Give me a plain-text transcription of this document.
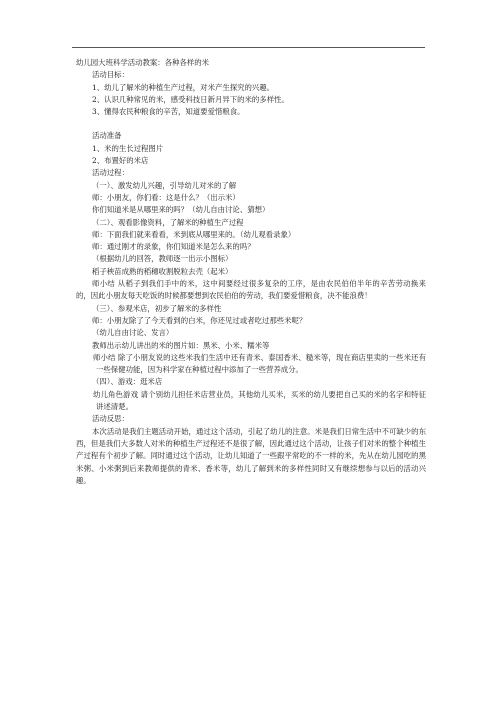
幼儿园大班科学活动教案：各种各样的米

活动目标：

1、幼儿了解米的种植生产过程，对米产生探究的兴趣。

2、认识几种常见的米，感受科技日新月异下的米的多样性。

3、懂得农民种粮食的辛苦，知道要爱惜粮食。

活动准备

1、米的生长过程图片

2、布置好的米店

活动过程：

（一）、激发幼儿兴趣，引导幼儿对米的了解

师：小朋友，你们看：这是什么？（出示米）

你们知道米是从哪里来的吗？（幼儿自由讨论、猜想）

（二）、观看影像资料，了解米的种植生产过程

师：下面我们就来看看，米到底从哪里来的。（幼儿观看录象）

师：通过刚才的录象，你们知道米是怎么来的吗？

（根据幼儿的回答，教师逐一出示小图标）

稻子秧苗成熟的稻穗收割脱粒去壳（起米）

师小结 从稻子到我们手中的米，这中间要经过很多复杂的工序，是由农民伯伯半年的辛苦劳动换来的，因此小朋友每天吃饭的时候都要想到农民伯伯的劳动，我们要爱惜粮食，决不能浪费！

（三）、参观米店，初步了解米的多样性

师：小朋友除了了今天看到的白米，你还见过或者吃过那些米呢？

（幼儿自由讨论、发言）

教师出示幼儿讲出的米的图片如：黑米、小米、糯米等

师小结 除了小朋友说的这些米我们生活中还有青米、泰国香米、糙米等，现在商店里卖的一些米还有一些保健功能，因为科学家在种植过程中添加了一些营养成分。

（四）、游戏：逛米店

幼儿角色游戏 请个别幼儿担任米店营业员，其他幼儿买米，买米的幼儿要把自己买的米的名字和特征讲述清楚。

活动反思：

本次活动是我们主题活动开始，通过这个活动，引起了幼儿的注意。米是我们日常生活中不可缺少的东西，但是我们大多数人对米的种植生产过程还不是很了解，因此通过这个活动，让孩子们对米的整个种植生产过程有个初步了解。同时通过这个活动，让幼儿知道了一些跟平常吃的不一样的米，先从在幼儿园吃的黑米粥、小米粥到后来教师提供的青米、香米等，幼儿了解到米的多样性同时又有继续想参与以后的活动兴趣。
